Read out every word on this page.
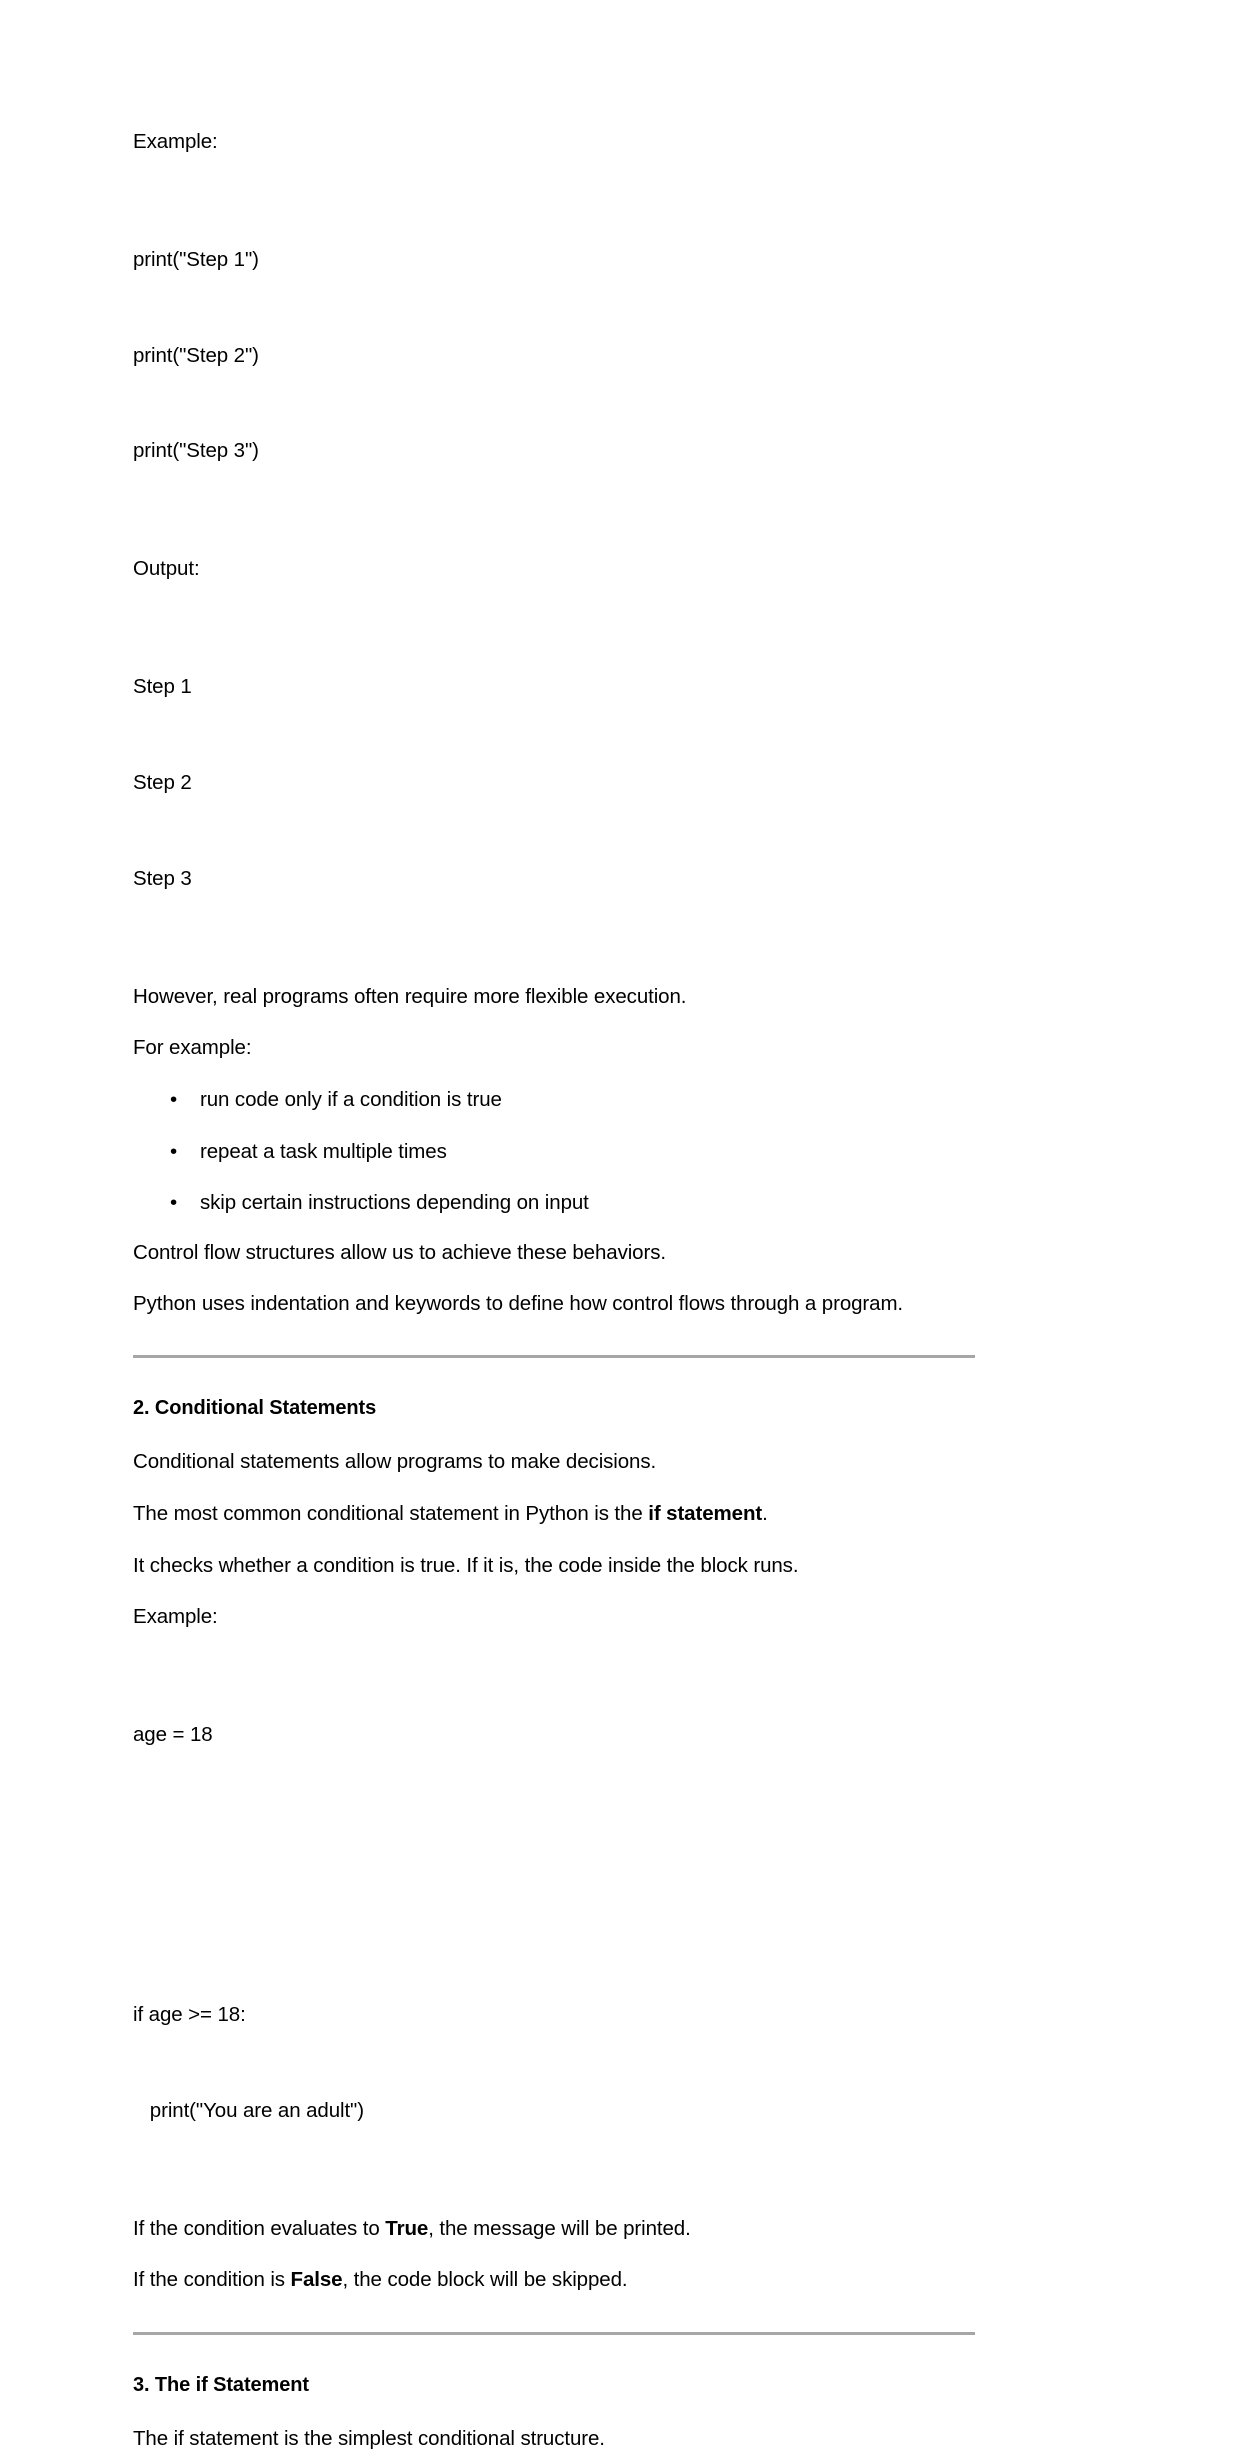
Example:

print("Step 1")

print("Step 2")

print("Step 3")

Output:

Step 1

Step 2

Step 3

However, real programs often require more flexible execution.

For example:

• run code only if a condition is true
• repeat a task multiple times
• skip certain instructions depending on input

Control flow structures allow us to achieve these behaviors.

Python uses indentation and keywords to define how control flows through a program.

2. Conditional Statements

Conditional statements allow programs to make decisions.

The most common conditional statement in Python is the if statement.

It checks whether a condition is true. If it is, the code inside the block runs.

Example:

age = 18

if age >= 18:

print("You are an adult")

If the condition evaluates to True, the message will be printed.

If the condition is False, the code block will be skipped.

3. The if Statement

The if statement is the simplest conditional structure.
